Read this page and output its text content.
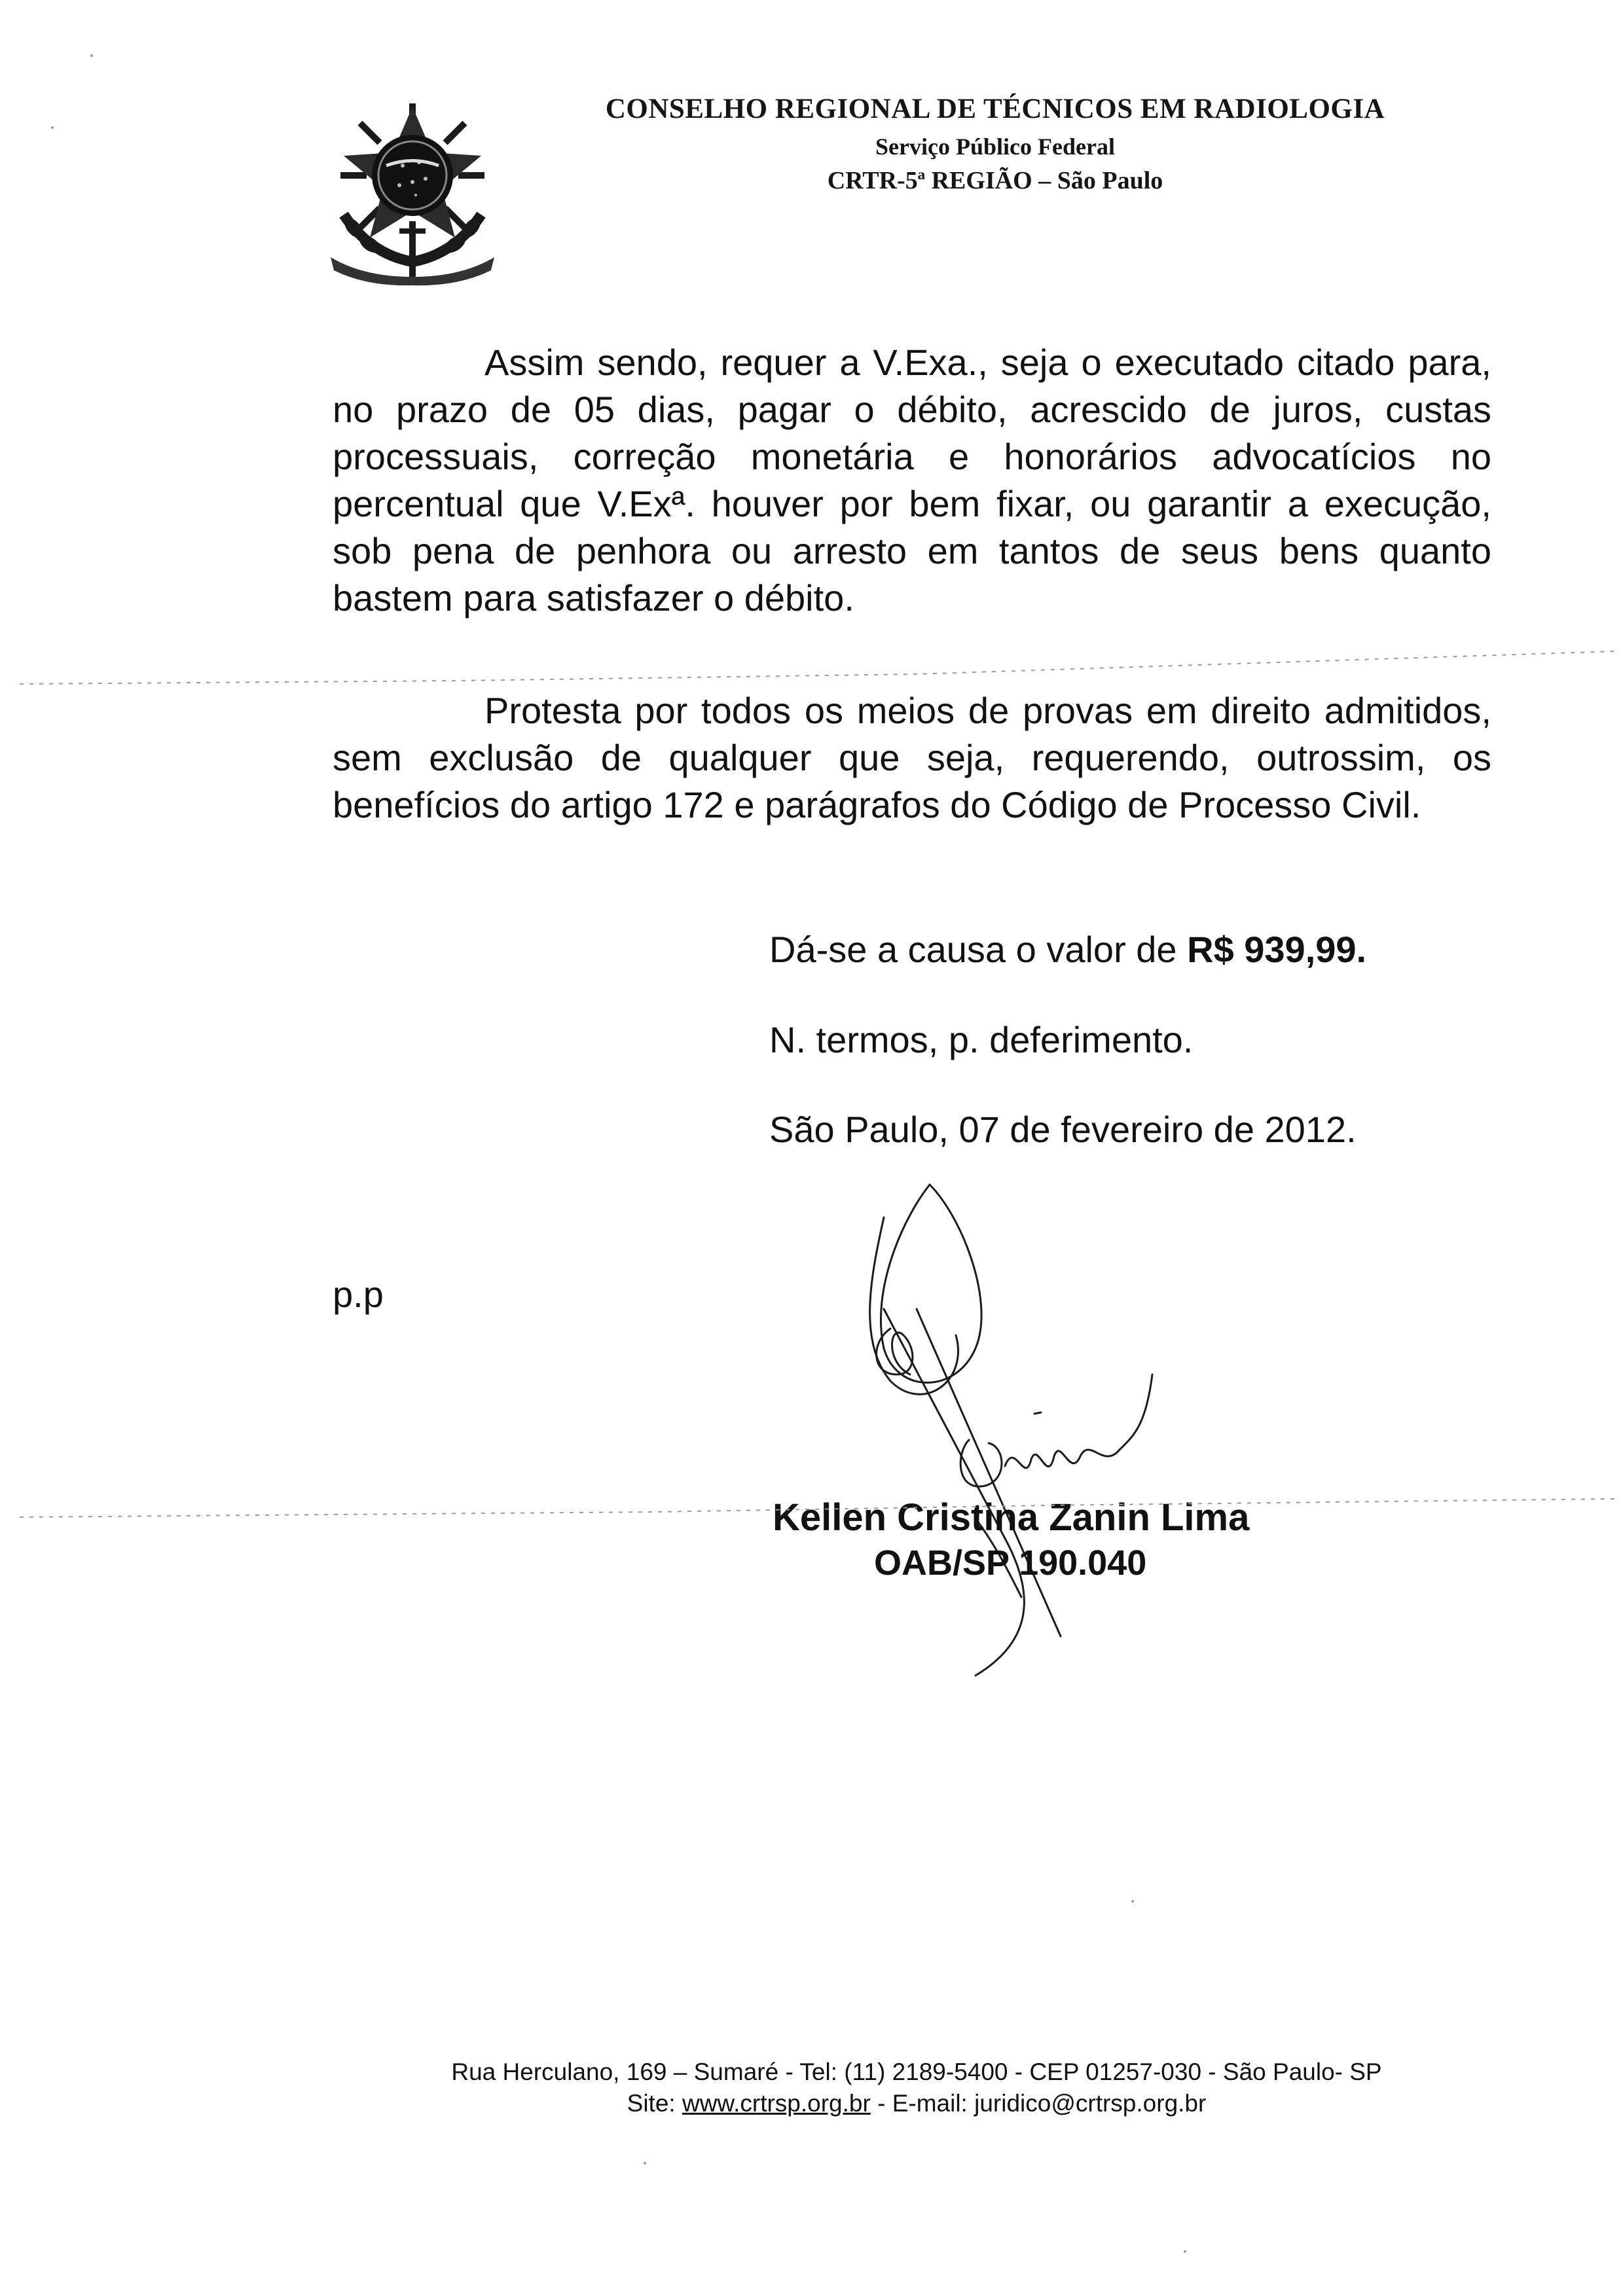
CONSELHO REGIONAL DE TÉCNICOS EM RADIOLOGIA
Serviço Público Federal
CRTR-5ª REGIÃO – São Paulo
Assim sendo, requer a V.Exa., seja o executado citado para, no prazo de 05 dias, pagar o débito, acrescido de juros, custas processuais, correção monetária e honorários advocatícios no percentual que V.Exª. houver por bem fixar, ou garantir a execução, sob pena de penhora ou arresto em tantos de seus bens quanto bastem para satisfazer o débito.
Protesta por todos os meios de provas em direito admitidos, sem exclusão de qualquer que seja, requerendo, outrossim, os benefícios do artigo 172 e parágrafos do Código de Processo Civil.
Dá-se a causa o valor de R$ 939,99.
N. termos, p. deferimento.
São Paulo, 07 de fevereiro de 2012.
p.p
Kellen Cristina Zanin Lima
OAB/SP 190.040
Rua Herculano, 169 – Sumaré - Tel: (11) 2189-5400 - CEP 01257-030 - São Paulo- SP
Site: www.crtrsp.org.br - E-mail: juridico@crtrsp.org.br
